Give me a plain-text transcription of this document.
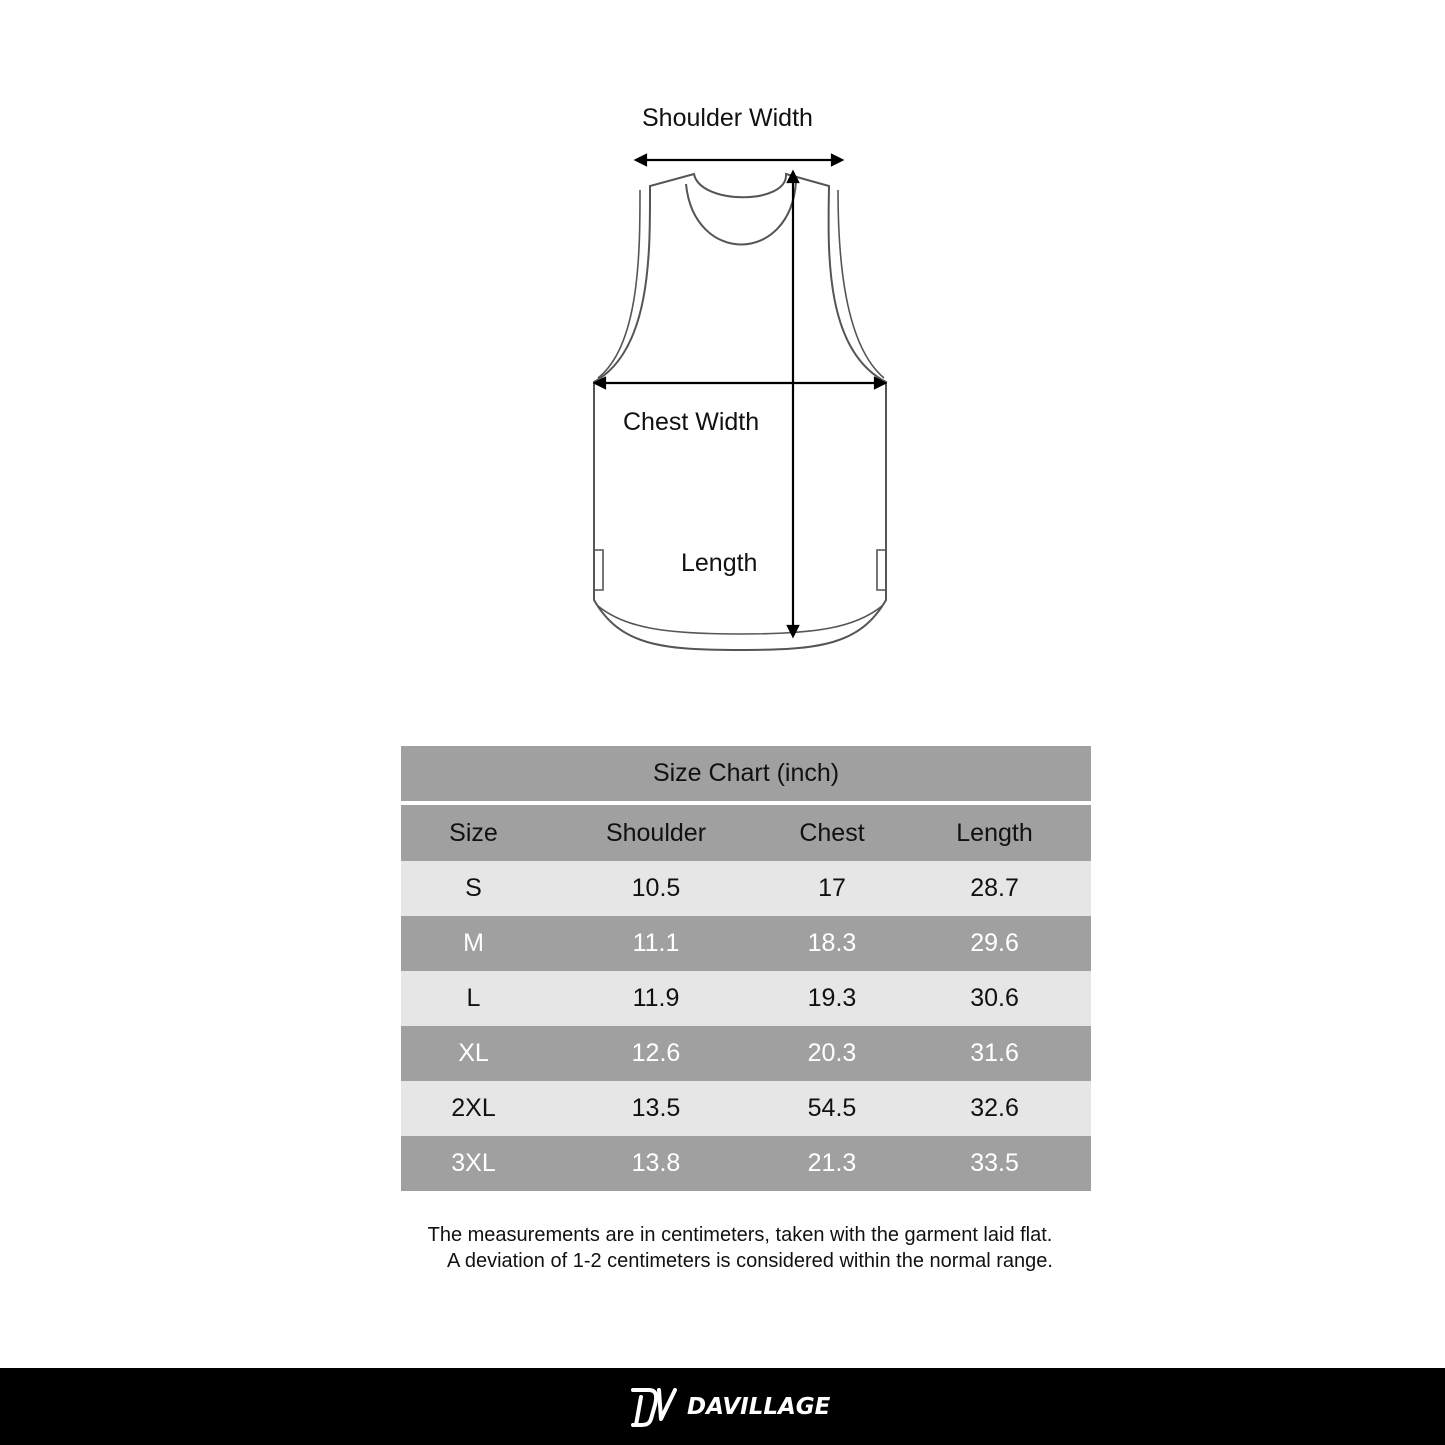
Shoulder Width
Chest Width
Length
Size Chart (inch)			
Size	Shoulder	Chest	Length
S	10.5	17	28.7
M	11.1	18.3	29.6
L	11.9	19.3	30.6
XL	12.6	20.3	31.6
2XL	13.5	54.5	32.6
3XL	13.8	21.3	33.5
The measurements are in centimeters, taken with the garment laid flat.
A deviation of 1-2 centimeters is considered within the normal range.
DAVILLAGE
